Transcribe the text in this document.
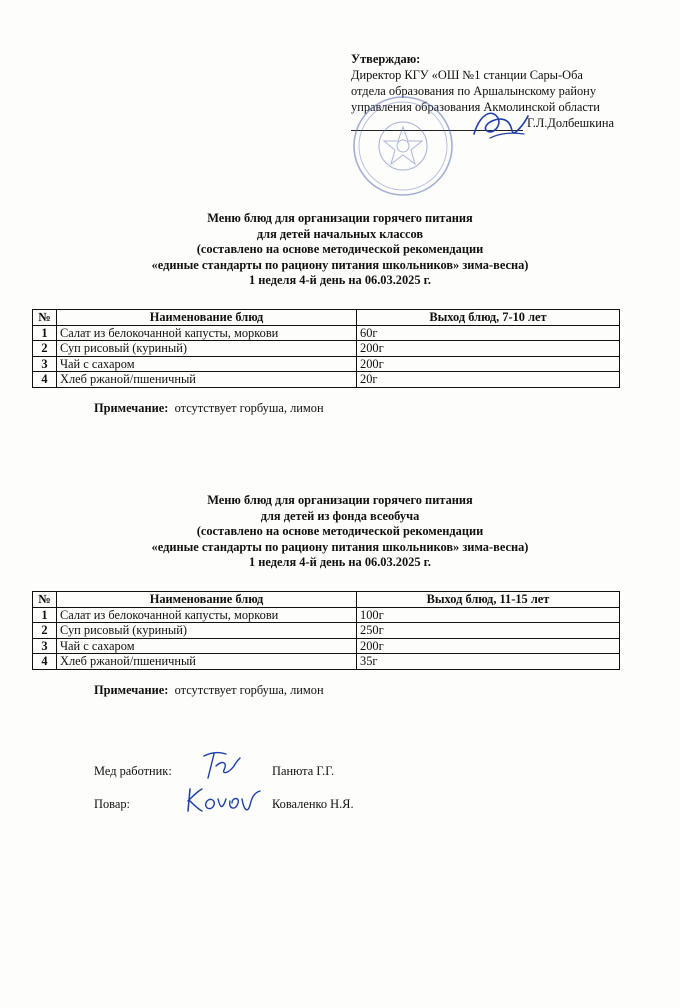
Утверждаю:
Директор КГУ «ОШ №1 станции Сары-Оба
отдела образования по Аршалынскому району
управления образования Акмолинской области
Г.Л.Долбешкина
Меню блюд для организации горячего питания
для детей начальных классов
(составлено на основе методической рекомендации
«единые стандарты по рациону питания школьников» зима-весна)
1 неделя 4-й день на 06.03.2025 г.
№	Наименование блюд	Выход блюд, 7-10 лет
1	Салат из белокочанной капусты, моркови	60г
2	Суп рисовый (куриный)	200г
3	Чай с сахаром	200г
4	Хлеб ржаной/пшеничный	20г
Примечание: отсутствует горбуша, лимон
Меню блюд для организации горячего питания
для детей из фонда всеобуча
(составлено на основе методической рекомендации
«единые стандарты по рациону питания школьников» зима-весна)
1 неделя 4-й день на 06.03.2025 г.
№	Наименование блюд	Выход блюд, 11-15 лет
1	Салат из белокочанной капусты, моркови	100г
2	Суп рисовый (куриный)	250г
3	Чай с сахаром	200г
4	Хлеб ржаной/пшеничный	35г
Примечание: отсутствует горбуша, лимон
Мед работник:	Панюта Г.Г.
Повар:	Коваленко Н.Я.
